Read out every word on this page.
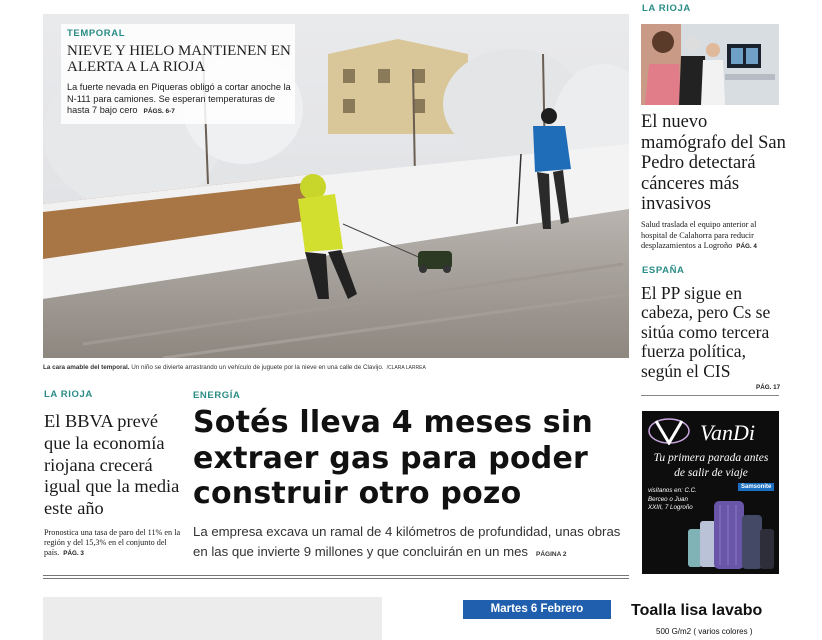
TEMPORAL
NIEVE Y HIELO MANTIENEN EN ALERTA A LA RIOJA
La fuerte nevada en Piqueras obligó a cortar anoche la N-111 para camiones. Se esperan temperaturas de hasta 7 bajo cero PÁGS. 6-7
La cara amable del temporal. Un niño se divierte arrastrando un vehículo de juguete por la nieve en una calle de Clavijo. /CLARA LARREA
LA RIOJA
El nuevo mamógrafo del San Pedro detectará cánceres más invasivos
Salud traslada el equipo anterior al hospital de Calahorra para reducir desplazamientos a Logroño PÁG. 4
ESPAÑA
El PP sigue en cabeza, pero Cs se sitúa como tercera fuerza política, según el CIS
PÁG. 17
VanDi
Tu primera parada antes de salir de viaje
visítanos en: C.C. Berceo o Juan XXIII, 7 Logroño
Samsonite
LA RIOJA
El BBVA prevé que la economía riojana crecerá igual que la media este año
Pronostica una tasa de paro del 11% en la región y del 15,3% en el conjunto del país. PÁG. 3
ENERGÍA
Sotés lleva 4 meses sin extraer gas para poder construir otro pozo
La empresa excava un ramal de 4 kilómetros de profundidad, unas obras en las que invierte 9 millones y que concluirán en un mes PÁGINA 2
Martes 6 Febrero	Toalla lisa lavabo
500 G/m2 ( varios colores )
